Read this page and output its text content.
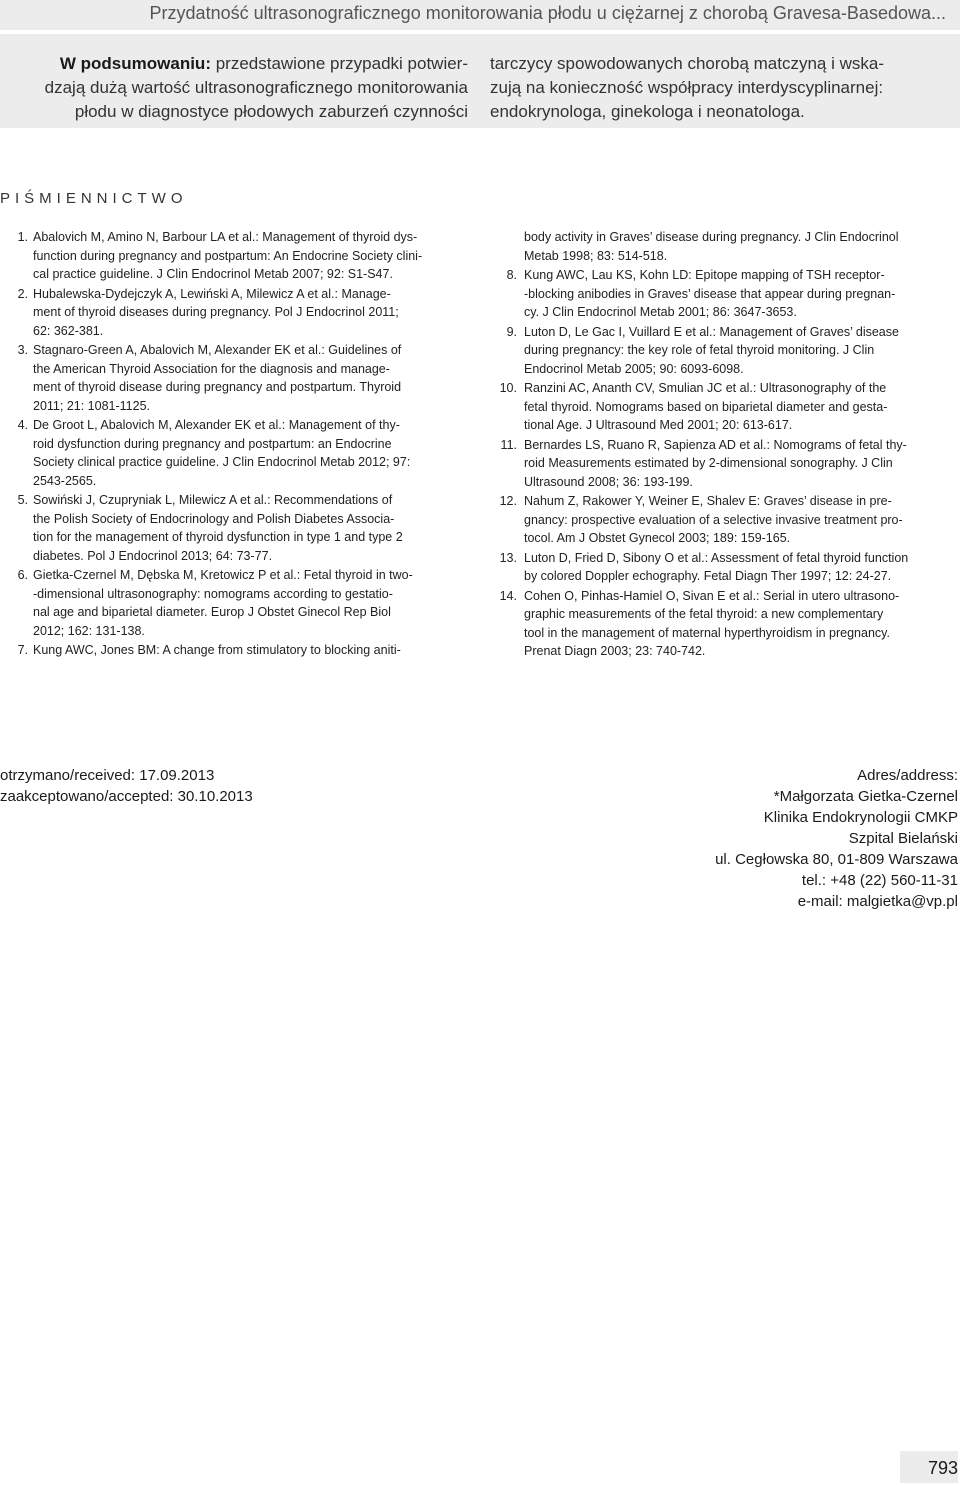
Przydatność ultrasonograficznego monitorowania płodu u ciężarnej z chorobą Gravesa-Basedowa...
W podsumowaniu: przedstawione przypadki potwier-
dzają dużą wartość ultrasonograficznego monitorowania
płodu w diagnostyce płodowych zaburzeń czynności
tarczycy spowodowanych chorobą matczyną i wska-
zują na konieczność współpracy interdyscyplinarnej:
endokrynologa, ginekologa i neonatologa.
PIŚMIENNICTWO
1. Abalovich M, Amino N, Barbour LA et al.: Management of thyroid dys-
function during pregnancy and postpartum: An Endocrine Society clini-
cal practice guideline. J Clin Endocrinol Metab 2007; 92: S1-S47.
2. Hubalewska-Dydejczyk A, Lewiński A, Milewicz A et al.: Manage-
ment of thyroid diseases during pregnancy. Pol J Endocrinol 2011;
62: 362-381.
3. Stagnaro-Green A, Abalovich M, Alexander EK et al.: Guidelines of
the American Thyroid Association for the diagnosis and manage-
ment of thyroid disease during pregnancy and postpartum. Thyroid
2011; 21: 1081-1125.
4. De Groot L, Abalovich M, Alexander EK et al.: Management of thy-
roid dysfunction during pregnancy and postpartum: an Endocrine
Society clinical practice guideline. J Clin Endocrinol Metab 2012; 97:
2543-2565.
5. Sowiński J, Czupryniak L, Milewicz A et al.: Recommendations of
the Polish Society of Endocrinology and Polish Diabetes Associa-
tion for the management of thyroid dysfunction in type 1 and type 2
diabetes. Pol J Endocrinol 2013; 64: 73-77.
6. Gietka-Czernel M, Dębska M, Kretowicz P et al.: Fetal thyroid in two-
-dimensional ultrasonography: nomograms according to gestatio-
nal age and biparietal diameter. Europ J Obstet Ginecol Rep Biol
2012; 162: 131-138.
7. Kung AWC, Jones BM: A change from stimulatory to blocking aniti-
body activity in Graves’ disease during pregnancy. J Clin Endocrinol
Metab 1998; 83: 514-518.
8. Kung AWC, Lau KS, Kohn LD: Epitope mapping of TSH receptor-
-blocking anibodies in Graves’ disease that appear during pregnan-
cy. J Clin Endocrinol Metab 2001; 86: 3647-3653.
9. Luton D, Le Gac I, Vuillard E et al.: Management of Graves’ disease
during pregnancy: the key role of fetal thyroid monitoring. J Clin
Endocrinol Metab 2005; 90: 6093-6098.
10. Ranzini AC, Ananth CV, Smulian JC et al.: Ultrasonography of the
fetal thyroid. Nomograms based on biparietal diameter and gesta-
tional Age. J Ultrasound Med 2001; 20: 613-617.
11. Bernardes LS, Ruano R, Sapienza AD et al.: Nomograms of fetal thy-
roid Measurements estimated by 2-dimensional sonography. J Clin
Ultrasound 2008; 36: 193-199.
12. Nahum Z, Rakower Y, Weiner E, Shalev E: Graves’ disease in pre-
gnancy: prospective evaluation of a selective invasive treatment pro-
tocol. Am J Obstet Gynecol 2003; 189: 159-165.
13. Luton D, Fried D, Sibony O et al.: Assessment of fetal thyroid function
by colored Doppler echography. Fetal Diagn Ther 1997; 12: 24-27.
14. Cohen O, Pinhas-Hamiel O, Sivan E et al.: Serial in utero ultrasono-
graphic measurements of the fetal thyroid: a new complementary
tool in the management of maternal hyperthyroidism in pregnancy.
Prenat Diagn 2003; 23: 740-742.
otrzymano/received: 17.09.2013
zaakceptowano/accepted: 30.10.2013
Adres/address:
*Małgorzata Gietka-Czernel
Klinika Endokrynologii CMKP
Szpital Bielański
ul. Cegłowska 80, 01-809 Warszawa
tel.: +48 (22) 560-11-31
e-mail: malgietka@vp.pl
793
